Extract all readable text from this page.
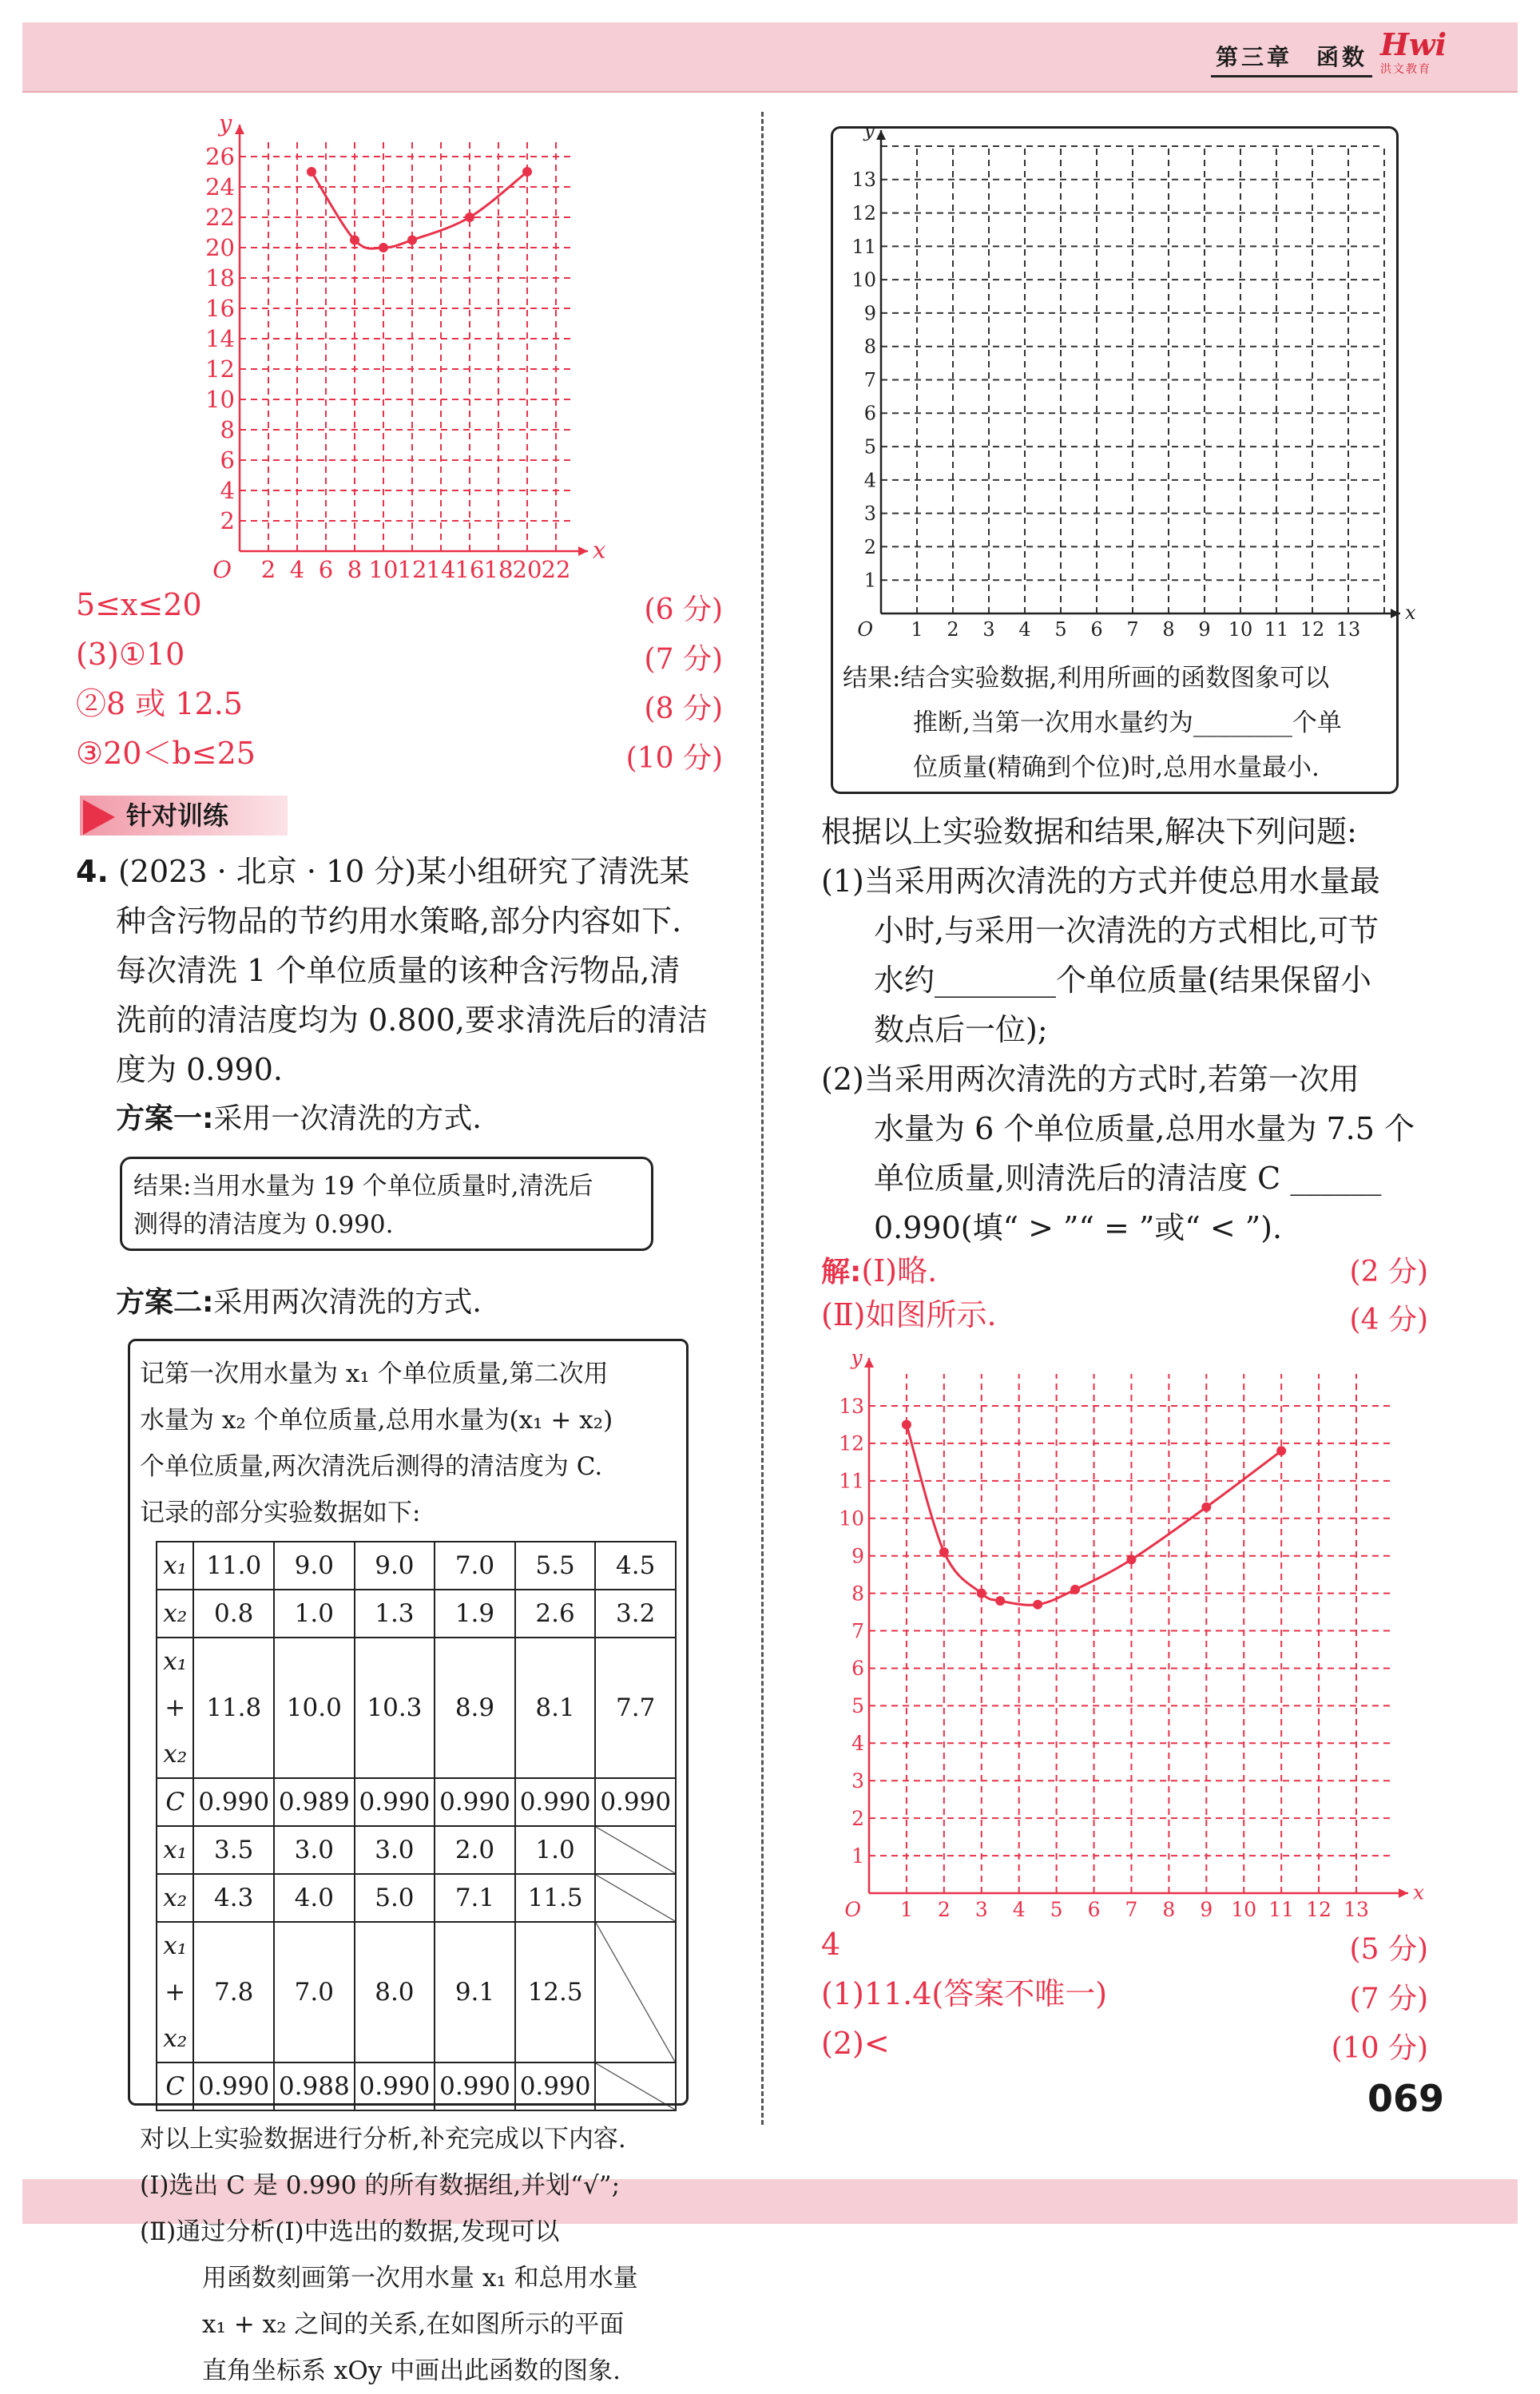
第三章 函数 Hwi
洪文教育
2 4 6 8 10 12 14 16 18 20 22
2
4
6
8
10
12
14
16
18
20
22
24
26
O
x
y
5≤x≤20	(6 分)
(3)①10	(7 分)
②8 或 12.5	(8 分)
③20＜b≤25	(10 分)
针对训练
4. (2023 · 北京 · 10 分)某小组研究了清洗某
种含污物品的节约用水策略,部分内容如下.
每次清洗 1 个单位质量的该种含污物品,清
洗前的清洁度均为 0.800,要求清洗后的清洁
度为 0.990.
方案一:采用一次清洗的方式.
结果:当用水量为 19 个单位质量时,清洗后
测得的清洁度为 0.990.
方案二:采用两次清洗的方式.
记第一次用水量为 x₁ 个单位质量,第二次用
水量为 x₂ 个单位质量,总用水量为(x₁ + x₂)
个单位质量,两次清洗后测得的清洁度为 C.
记录的部分实验数据如下:
x₁	11.0	9.0	9.0	7.0	5.5	4.5
x₂	0.8	1.0	1.3	1.9	2.6	3.2
x₁ + x₂	11.8	10.0	10.3	8.9	8.1	7.7
C	0.990	0.989	0.990	0.990	0.990	0.990
x₁	3.5	3.0	3.0	2.0	1.0	
x₂	4.3	4.0	5.0	7.1	11.5	
x₁ + x₂	7.8	7.0	8.0	9.1	12.5	
C	0.990	0.988	0.990	0.990	0.990	
对以上实验数据进行分析,补充完成以下内容.
(Ⅰ)选出 C 是 0.990 的所有数据组,并划“√”;
(Ⅱ)通过分析(Ⅰ)中选出的数据,发现可以
用函数刻画第一次用水量 x₁ 和总用水量
x₁ + x₂ 之间的关系,在如图所示的平面
直角坐标系 xOy 中画出此函数的图象.
1 2 3 4 5 6 7 8 9 10 11 12 13
1
2
3
4
5
6
7
8
9
10
11
12
13
O
x
y
结果:结合实验数据,利用所画的函数图象可以
推断,当第一次用水量约为________个单
位质量(精确到个位)时,总用水量最小.
根据以上实验数据和结果,解决下列问题:
(1)当采用两次清洗的方式并使总用水量最
小时,与采用一次清洗的方式相比,可节
水约________个单位质量(结果保留小
数点后一位);
(2)当采用两次清洗的方式时,若第一次用
水量为 6 个单位质量,总用水量为 7.5 个
单位质量,则清洗后的清洁度 C ______
0.990(填“ > ”“ = ”或“ < ”).
解:(Ⅰ)略.	(2 分)
(Ⅱ)如图所示.	(4 分)
1 2 3 4 5 6 7 8 9 10 11 12 13
1
2
3
4
5
6
7
8
9
10
11
12
13
O
x
y
4	(5 分)
(1)11.4(答案不唯一)	(7 分)
(2)<	(10 分)
069
